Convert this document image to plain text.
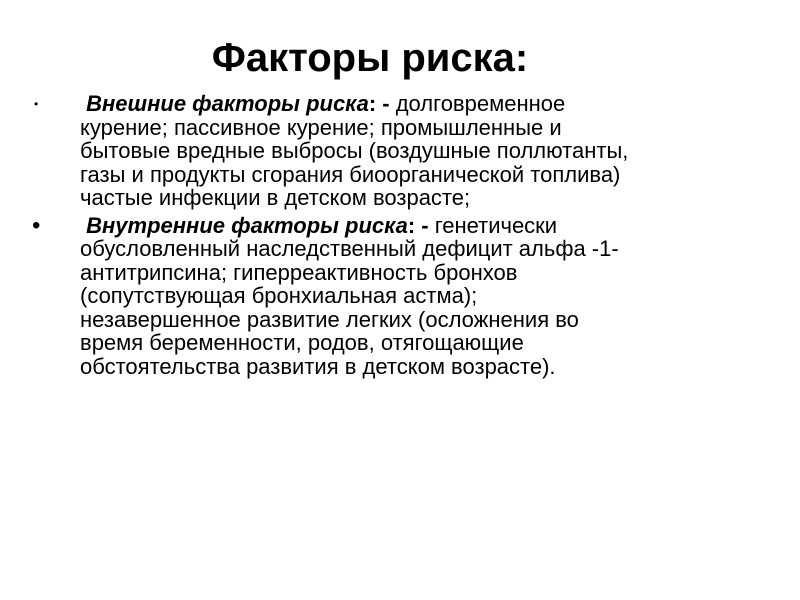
Факторы риска:
•	Внешние факторы риска: - долговременное
курение; пассивное курение; промышленные и
бытовые вредные выбросы (воздушные поллютанты,
газы и продукты сгорания биоорганической топлива)
частые инфекции в детском возрасте;
•	Внутренние факторы риска: - генетически
обусловленный наследственный дефицит альфа -1-
антитрипсина; гиперреактивность бронхов
(сопутствующая бронхиальная астма);
незавершенное развитие легких (осложнения во
время беременности, родов, отягощающие
обстоятельства развития в детском возрасте).
